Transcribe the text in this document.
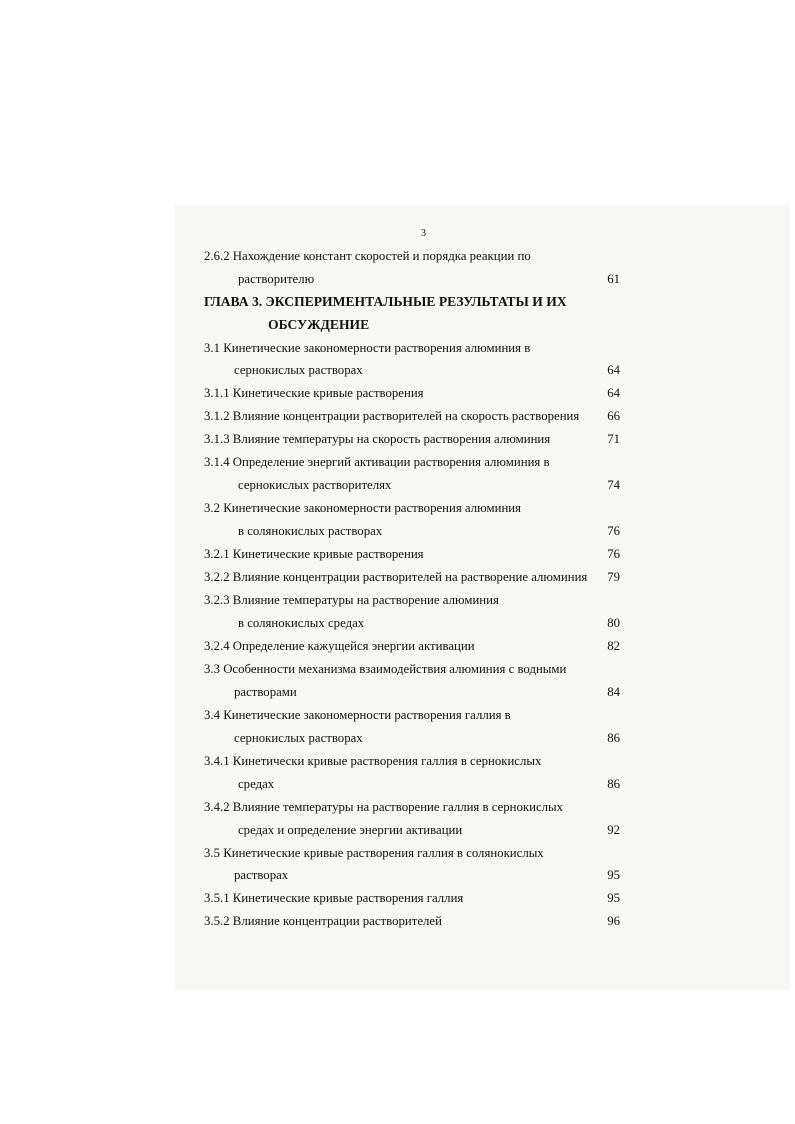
3
2.6.2 Нахождение констант скоростей и порядка реакции по
растворителю	61
ГЛАВА 3. ЭКСПЕРИМЕНТАЛЬНЫЕ РЕЗУЛЬТАТЫ И ИХ
ОБСУЖДЕНИЕ
3.1 Кинетические закономерности растворения алюминия в
сернокислых растворах	64
3.1.1 Кинетические кривые растворения	64
3.1.2 Влияние концентрации растворителей на скорость растворения	66
3.1.3 Влияние температуры на скорость растворения алюминия	71
3.1.4 Определение энергий активации растворения алюминия в
сернокислых растворителях	74
3.2 Кинетические закономерности растворения алюминия
в солянокислых растворах	76
3.2.1 Кинетические кривые растворения	76
3.2.2 Влияние концентрации растворителей на растворение алюминия	79
3.2.3 Влияние температуры на растворение алюминия
в солянокислых средах	80
3.2.4 Определение кажущейся энергии активации	82
3.3 Особенности механизма взаимодействия алюминия с водными
растворами	84
3.4 Кинетические закономерности растворения галлия в
сернокислых растворах	86
3.4.1 Кинетически кривые растворения галлия в сернокислых
средах	86
3.4.2 Влияние температуры на растворение галлия в сернокислых
средах и определение энергии активации	92
3.5 Кинетические кривые растворения галлия в солянокислых
растворах	95
3.5.1 Кинетические кривые растворения галлия	95
3.5.2 Влияние концентрации растворителей	96
